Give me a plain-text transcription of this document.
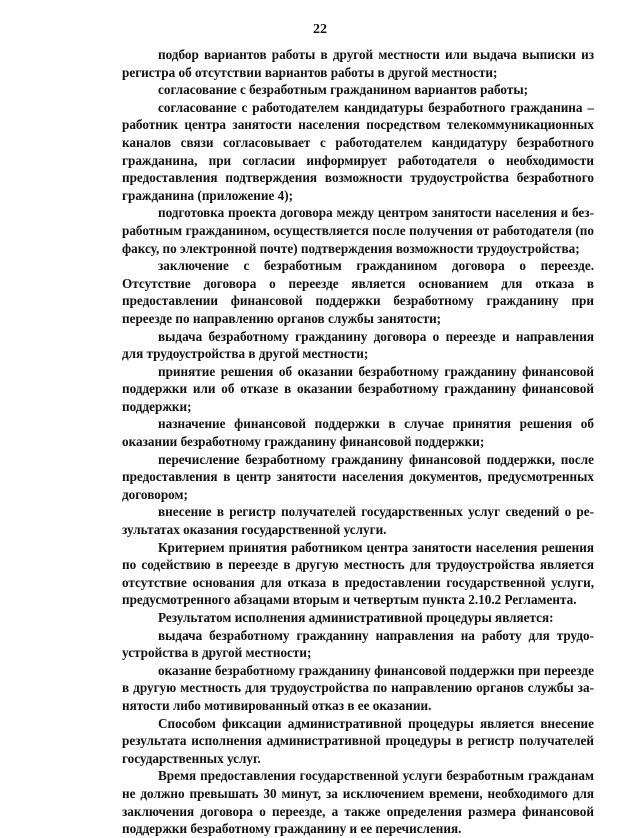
22

подбор вариантов работы в другой местности или выдача выписки из регистра об отсутствии вариантов работы в другой местности;

согласование с безработным гражданином вариантов работы;

согласование с работодателем кандидатуры безработного гражданина – работник центра занятости населения посредством телекоммуникационных каналов связи согласовывает с работодателем кандидатуру безработного гражданина, при согласии информирует работодателя о необходимости предоставления подтверждения возможности трудоустройства безработного гражданина (приложение 4);

подготовка проекта договора между центром занятости населения и безработным гражданином, осуществляется после получения от работодателя (по факсу, по электронной почте) подтверждения возможности трудоустройства;

заключение с безработным гражданином договора о переезде. Отсутствие договора о переезде является основанием для отказа в предоставлении финансовой поддержки безработному гражданину при переезде по направлению органов службы занятости;

выдача безработному гражданину договора о переезде и направления для трудоустройства в другой местности;

принятие решения об оказании безработному гражданину финансовой поддержки или об отказе в оказании безработному гражданину финансовой поддержки;

назначение финансовой поддержки в случае принятия решения об оказании безработному гражданину финансовой поддержки;

перечисление безработному гражданину финансовой поддержки, после предоставления в центр занятости населения документов, предусмотренных договором;

внесение в регистр получателей государственных услуг сведений о результатах оказания государственной услуги.

Критерием принятия работником центра занятости населения решения по содействию в переезде в другую местность для трудоустройства является отсутствие основания для отказа в предоставлении государственной услуги, предусмотренного абзацами вторым и четвертым пункта 2.10.2 Регламента.

Результатом исполнения административной процедуры является:

выдача безработному гражданину направления на работу для трудоустройства в другой местности;

оказание безработному гражданину финансовой поддержки при переезде в другую местность для трудоустройства по направлению органов службы занятости либо мотивированный отказ в ее оказании.

Способом фиксации административной процедуры является внесение результата исполнения административной процедуры в регистр получателей государственных услуг.

Время предоставления государственной услуги безработным гражданам не должно превышать 30 минут, за исключением времени, необходимого для заключения договора о переезде, а также определения размера финансовой поддержки безработному гражданину и ее перечисления.
